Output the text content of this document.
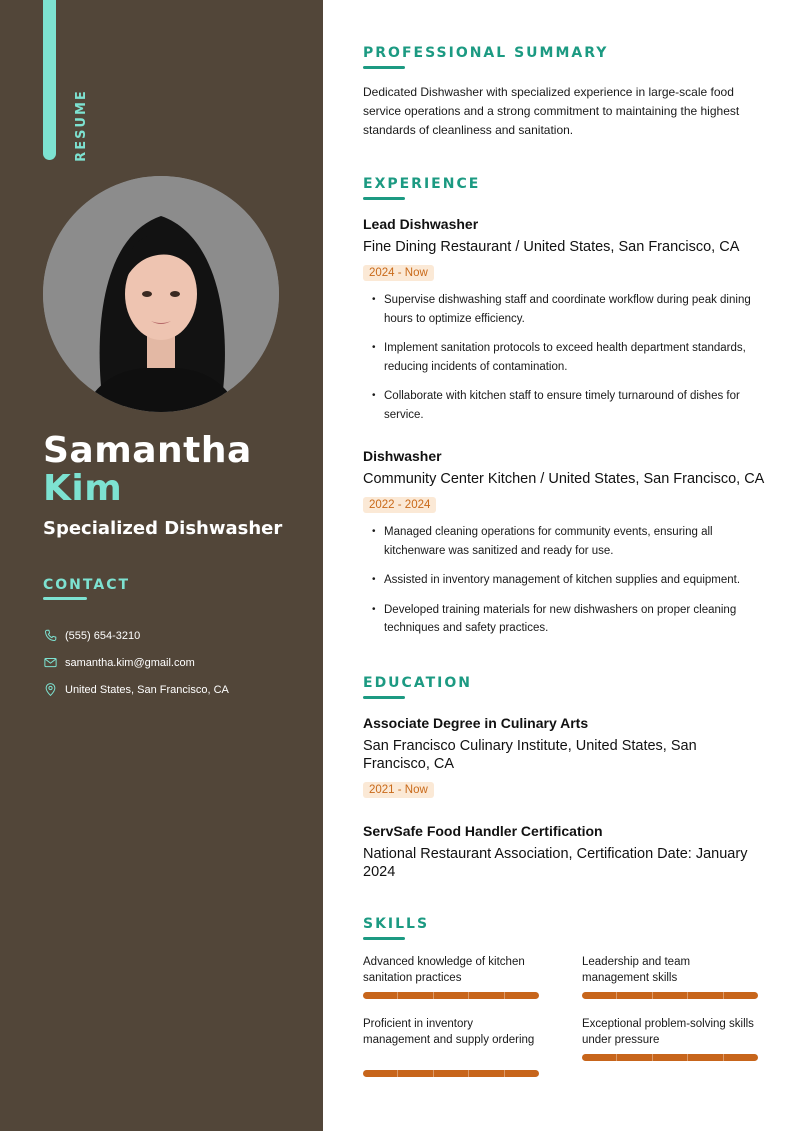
RESUME
Samantha
Kim
Specialized Dishwasher
CONTACT
(555) 654-3210
samantha.kim@gmail.com
United States, San Francisco, CA
PROFESSIONAL SUMMARY

Dedicated Dishwasher with specialized experience in large-scale food service operations and a strong commitment to maintaining the highest standards of cleanliness and sanitation.

EXPERIENCE
Lead Dishwasher
Fine Dining Restaurant / United States, San Francisco, CA
2024 - Now
• Supervise dishwashing staff and coordinate workflow during peak dining hours to optimize efficiency.
• Implement sanitation protocols to exceed health department standards, reducing incidents of contamination.
• Collaborate with kitchen staff to ensure timely turnaround of dishes for service.
Dishwasher
Community Center Kitchen / United States, San Francisco, CA
2022 - 2024
• Managed cleaning operations for community events, ensuring all kitchenware was sanitized and ready for use.
• Assisted in inventory management of kitchen supplies and equipment.
• Developed training materials for new dishwashers on proper cleaning techniques and safety practices.
EDUCATION
Associate Degree in Culinary Arts
San Francisco Culinary Institute, United States, San Francisco, CA
2021 - Now
ServSafe Food Handler Certification
National Restaurant Association, Certification Date: January 2024
SKILLS
Advanced knowledge of kitchen sanitation practices
Leadership and team management skills
Proficient in inventory management and supply ordering
Exceptional problem-solving skills under pressure
